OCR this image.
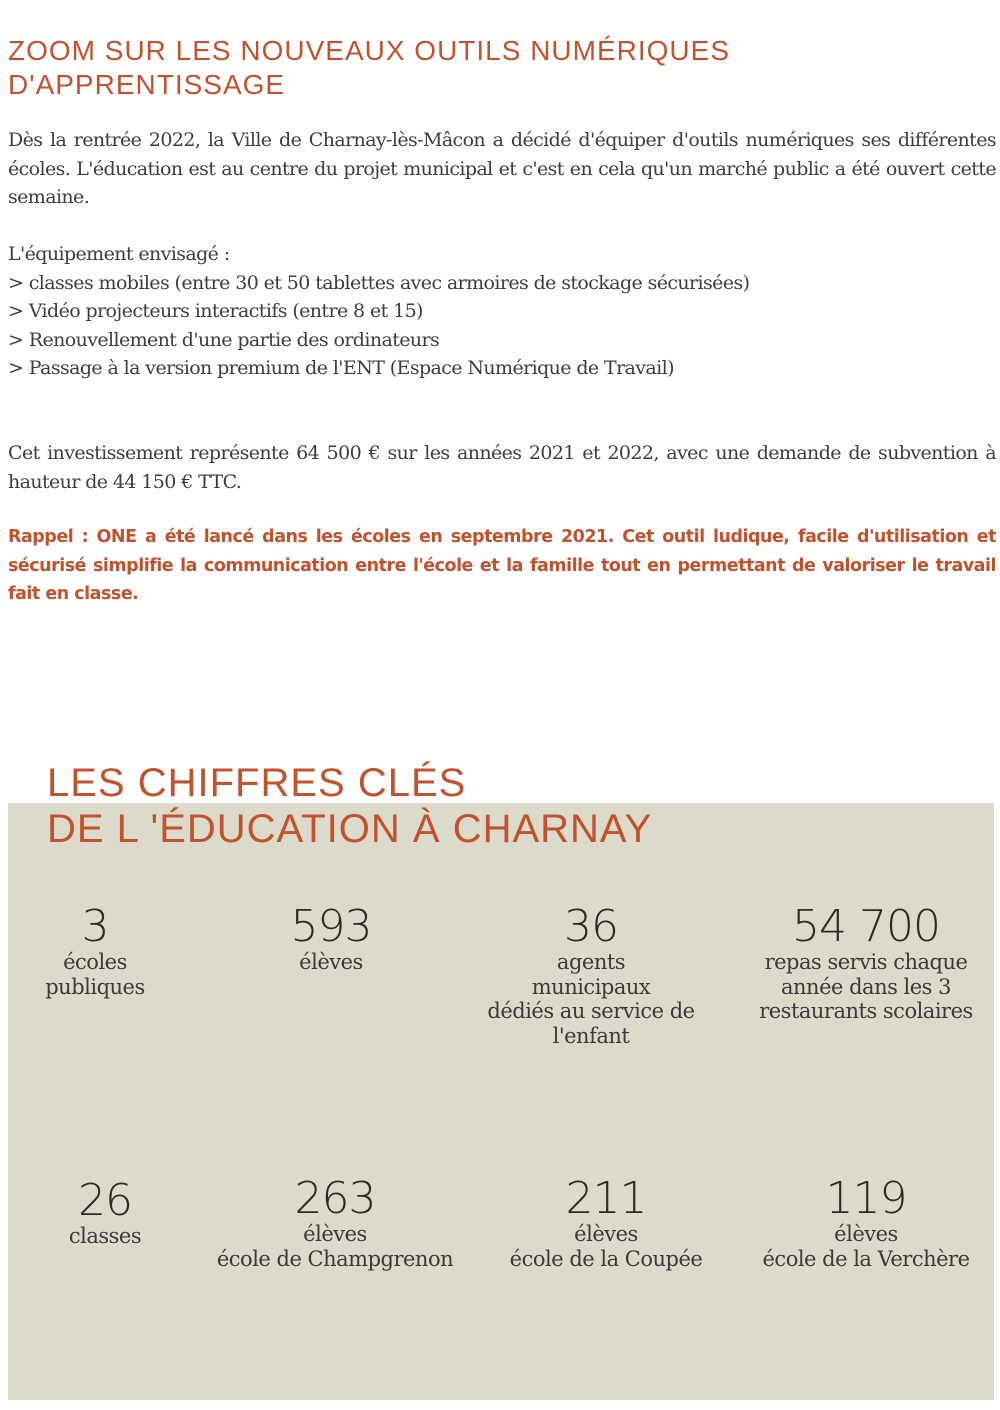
ZOOM SUR LES NOUVEAUX OUTILS NUMÉRIQUES
D'APPRENTISSAGE

Dès la rentrée 2022, la Ville de Charnay-lès-Mâcon a décidé d'équiper d'outils numériques ses différentes écoles. L'éducation est au centre du projet municipal et c'est en cela qu'un marché public a été ouvert cette semaine.

L'équipement envisagé :
> classes mobiles (entre 30 et 50 tablettes avec armoires de stockage sécurisées)
> Vidéo projecteurs interactifs (entre 8 et 15)
> Renouvellement d'une partie des ordinateurs
> Passage à la version premium de l'ENT (Espace Numérique de Travail)

Cet investissement représente 64 500 € sur les années 2021 et 2022, avec une demande de subvention à hauteur de 44 150 € TTC.

Rappel : ONE a été lancé dans les écoles en septembre 2021. Cet outil ludique, facile d'utilisation et sécurisé simplifie la communication entre l'école et la famille tout en permettant de valoriser le travail fait en classe.

LES CHIFFRES CLÉS
DE L 'ÉDUCATION À CHARNAY
3
écoles
publiques
593
élèves
36
agents
municipaux
dédiés au service de
l'enfant
54 700
repas servis chaque
année dans les 3
restaurants scolaires
26
classes
263
élèves
école de Champgrenon
211
élèves
école de la Coupée
119
élèves
école de la Verchère
